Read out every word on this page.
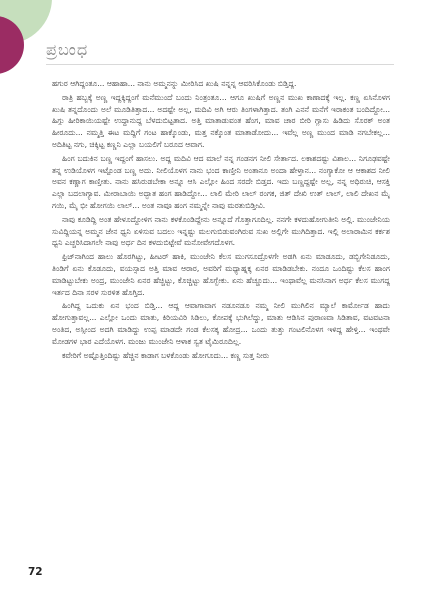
ಪ್ರಬಂಧ

ಹಗುರ ಆಗಿದ್ದಂತೂ... ಆಹಾಹಾ... ನಾನು ಅಮ್ಮನನ್ನು ಮೀರಿಸಿದ ಖುಷಿ ನನ್ನನ್ನ ಆವರಿಸಿಕೊಂಡು ಬಿಡ್ತಿದ್ದ.

ರಾತ್ರಿ ಹಬ್ಬಕ್ಕೆ ಅಣ್ಣ ಇದ್ದಕ್ಕಿದ್ದಂಗೆ ಮನೆಮುಂದೆ ಬಂದು ನಿಂತ್ರಂತೂ... ಆಗೂ ಖುಷಿಗೆ ಅಣ್ಣನ ಮುಖ ಕಾಣಾದಕ್ಕೆ ಇಲ್ಲ. ಕಣ್ಣ ಏಸಿನೊಳಗ ಖುಷಿ ತನ್ನದೊಂದು ಅಲೆ ಮೂಡಿತಿತ್ತಾದ... ಅದಷ್ಟೇ ಅಲ್ಲ, ಮದಿವಿ ಅಗಿ ಆರು ತಿಂಗಳಾಗಿತ್ತಾದ. ತಂಗಿ ಎನನೆ ಮನೆಗೆ ಇರಾಕಂತ ಬಂದಿದ್ದೋ... ಹಿಗ್ಗು ಹೀರಿಕಾಯಿಯಷ್ಟೇ ಉದ್ದಾನುದ್ದ ಬೆಳದುಬಿಟ್ಟತಾದ. ಅತ್ತಿ ಮಾತಾಡುವಂತ ಹೆಂಗ, ಮಾವ ಚಾರ ಬೀರಿ ಗ್ಲಾಸು ಹಿಡಿದು ಸೊರಕ್ ಅಂತ ಹೀರೂದು... ನಮ್ಮತ್ತಿ ಈಟ ಮದ್ದಿಗೆ ಗಂಟ ಹಾಕ್ಕೊಂಡು, ಮತ್ತ ನಕ್ಕೊಂತ ಮಾತಾಡೋದು... ಇವೆಲ್ಲ ಅಣ್ಣ ಮುಂದ ಮಾಡಿ ನಗಬೇಕಲ್ಲ... ಅದಿತಿಟ್ಟ ನಗು, ಚಿಕ್ಕಿಟ್ಟ ಕಣ್ಣನಿ ಎಲ್ಲಾ ಬಯಲಿಗೆ ಬರೂದ ಆವಾಗ.

ಹಿಂಗ ಬದುಕಿನ ಬಣ್ಣ ಇದ್ದಂಗೆ ಹಾಸಲು. ಅದ್ದ ಮದಿವಿ ಆದ ಮಾಲೆ ನನ್ನ ಗಂಡನಗ ನೀಲಿ ಸೇರ್ತಾದ. ಲಕಾಶದಷ್ಟು ವಿಶಾಲ... ನಿಗೂಢವಷ್ಟೇ ತನ್ನ ಉಡಿಯೊಳಗ ಇಟ್ಟೊಂಡ ಬಣ್ಣ ಅದು. ನೀಲಿಯೊಳಗ ನಾನು ಭಂದ ಕಾಣ್ತೀನಿ ಅಂತಾನೂ ಅಂದಾ ಹೇಳ್ತಾನ... ನಂಗ್ಯಾಕೋ ಆ ಆಕಾಶದ ನೀಲಿ ಅವನ ಕಣ್ಣಾಗ ಕಾಣ್ತೀತು. ನಾನು ಹಸಿರುಡಬೇಕಾ ಅನ್ನೂ ಆಸಿ ಎಲ್ಲೋ ಹಿಂದ ಸರದೇ ಬಿಡ್ತದ. ಇದು ಬಣ್ಣದ್ದಷ್ಟೇ ಅಲ್ಲ, ನನ್ನ ಅಧಿರುಚಿ, ಆಸಕ್ತಿ ಎಲ್ಲಾ ಬದಲಾಗ್ಯಾವ. ಮೀರಾಬಾಯಿ ಅದ್ಭಾತ ಹಂಗ ಹಾಡಿದ್ದೋ... ಲಾಲಿ ಮೇರಿ ಲಾಲ್ ರಂಗಕ, ಜಿತ್ ದೇಖಿ ಉತ್ ಲಾಲ್, ಲಾಲಿ ದೇಖನ ಮೈ ಗಯಿ, ಮೈ ಭೀ ಹೋಗಯಿ ಲಾಲ್... ಅಂತ ನಾವೂ ಹಂಗ ನಮ್ಮನ್ನೇ ನಾವು ಮರತುಬಿಡ್ತೀವಿ.

ನಾವು ಕೂಡಿದ್ದಿ ಅಂತ ಹೇಳೂದ್ದೋಳಿಗ ನಾನು ಕಳಕೊಂಡಿದ್ದೇನು ಅನ್ನೂದೆ ಗೊತ್ತಾಗೂದಿಲ್ಲ. ನನಗೇ ಕಳದುಹೋಗುತೀನಿ ಅಲ್ಲಿ. ಮುಂಜೇನಿಯ ಸುವಿದ್ದಿಯನ್ನ ಅಮ್ಮನ ಜೇನ ಧ್ವನಿ ಏಳಿಸುವ ಬದಲು ಇನ್ನಷ್ಟು ಮಲಗುಬಿಡುವಂಗಿರುವ ಸುಖ ಅಲ್ಲಿಗೇ ಮುಗಿದಿತ್ತಾದ. ಇಲ್ಲಿ ಅಲಾರಾಮಿನ ಕರ್ಕಶ ಧ್ವನಿ ಎಚ್ಚರಿಸಿದಾಗಲೇ ನಾವು ಅರ್ಧ ದಿನ ಕಳದುಬಿಟ್ಟೇವೆ ಮನೋವೇಗದೊಳಗ.

ಫ್ರಿಜ್‌ನಾಗಿಂದ ಹಾಲು ಹೊರಗಿಟ್ಟು, ಹೀಟರ್ ಹಾಕಿ, ಮುಂಜೇನಿ ಕೆಲಸ ಮುಗಸೂದ್ರೊಳಗೇ ಅಡಗಿ ಏನು ಮಾಡೂದು, ಡಬ್ಬಿಗೇನಿಡೂದು, ತಿಂಡಿಗೆ ಏನು ಕೊಡೂದು, ವಯಸ್ಸಾದ ಅತ್ತಿ ಮಾವ ಆರಾರ, ಅವರಿಗೆ ಮಧ್ಯಾಹ್ನಕ್ಕ ಏನರ ಮಾಡಿಡಬೇಕು. ನಂದೂ ಒಂದಿಷ್ಟು ಕೆಲಸ ಹಾಂಗ ಮಾಡಿಟ್ಟುಬೇಕು ಅಂದ್ರ, ಮುಂಜೇನಿ ಏನರ ಹೆಚ್ಚಿಟ್ಟು, ಕೊಚ್ಚಿಟ್ಟು ಹೊಗ್ಬೇಕು. ಏನು ಹೆಚ್ಚೂದು... ಇಂಥಾವೆಲ್ಲ ಮನಸಿನಾಗ ಅರ್ಧ ಕೆಲಸ ಮುಗದ್ದ ಇರ್ತದ ದಿನಾ ಸರಳ ಸುರಳಿತ ಹೊಗ್ತಿದ.

ಹಿಂಗಿದ್ದ ಒದುಕು ಏನ ಭಂದ ಬಿಡ್ತಿ... ಆದ್ದ ಆವಾಗಾವಾಗ ನಡೂನಡೂ ನಮ್ಮ ನೀಲಿ ಮುಗಿಲಿನ ಮ್ಯಾಲೆ ಕಾರ್ಮೋಡ ಹಾದು ಹೋಗುತ್ತಾವಲ್ಲ... ಎಲ್ಲೋ ಒಂದು ಮಾತು, ಕಿರಿಯವಿರಿ ಸಿಡಿಲು, ಕೋಪಕ್ಕೆ ಭುಗಿಲೆದ್ದು, ಮಾತು ಆಡಿಸಿನ ಪುರಾಣವಾ ಸಿಡಿತಾವ, ವಟವಟನಾ ಅಂತಿದ, ಅಸ್ಸೀಂದ ಅದಗಿ ಮಾಡಿದ್ದು ಉಪ್ಪ ಮಾಡದೇ ಗಂಡ ಕೆಲಸಕ್ಕ ಹೋದ್ರ... ಒಂದು ತುತ್ತು ಗಂಟಲಿನೊಳಗ ಇಳಿದ್ದ ಹೇಳ್ತಿ... ಇಂಥವೇ ಮೋಡಗಳ ಭಾರ ಎದೆಯೊಳಗ. ಮಂಜು ಮುಂಜೇನಿ ಆಳಾಕ ಸ್ವತ ಟೈಮಿರೂದಿಲ್ಲ.

ಕವೇರಿಗೆ ಅಷ್ಟೊತ್ತಿಂದಿಷ್ಟು ಹೆಚ್ಚಿನ ಕಾಡಾಗ ಬಳಕೊಂಡು ಹೋಗೂದು... ಕಣ್ಣ ಸುತ್ತ ನೀರು

72
